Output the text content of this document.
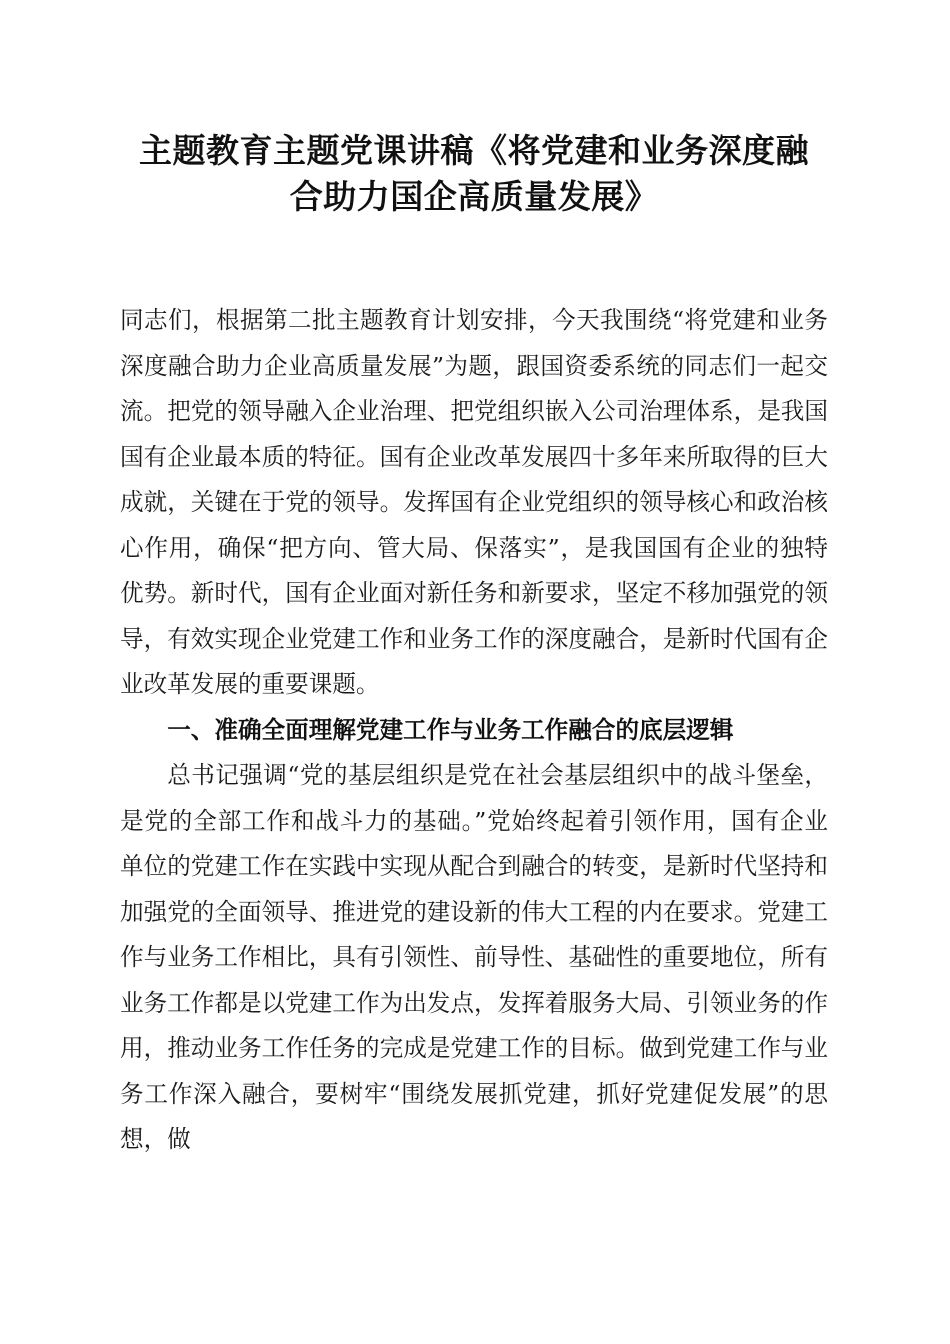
主题教育主题党课讲稿《将党建和业务深度融
合助力国企高质量发展》

同志们，根据第二批主题教育计划安排，今天我围绕“将党建和业务深度融合助力企业高质量发展”为题，跟国资委系统的同志们一起交流。把党的领导融入企业治理、把党组织嵌入公司治理体系，是我国国有企业最本质的特征。国有企业改革发展四十多年来所取得的巨大成就，关键在于党的领导。发挥国有企业党组织的领导核心和政治核心作用，确保“把方向、管大局、保落实”，是我国国有企业的独特优势。新时代，国有企业面对新任务和新要求，坚定不移加强党的领导，有效实现企业党建工作和业务工作的深度融合，是新时代国有企业改革发展的重要课题。

一、准确全面理解党建工作与业务工作融合的底层逻辑

总书记强调“党的基层组织是党在社会基层组织中的战斗堡垒，是党的全部工作和战斗力的基础。”党始终起着引领作用，国有企业单位的党建工作在实践中实现从配合到融合的转变，是新时代坚持和加强党的全面领导、推进党的建设新的伟大工程的内在要求。党建工作与业务工作相比，具有引领性、前导性、基础性的重要地位，所有业务工作都是以党建工作为出发点，发挥着服务大局、引领业务的作用，推动业务工作任务的完成是党建工作的目标。做到党建工作与业务工作深入融合，要树牢“围绕发展抓党建，抓好党建促发展”的思想，做
